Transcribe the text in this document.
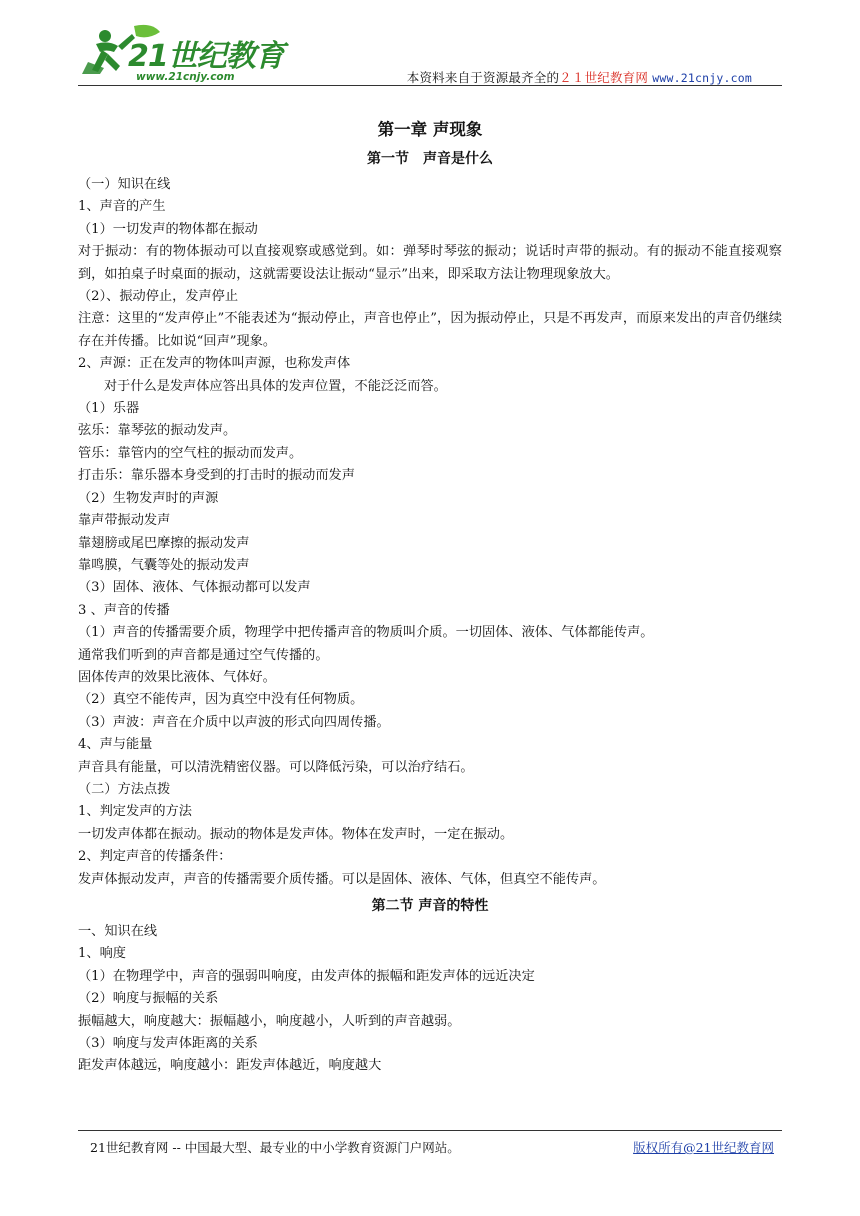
21世纪教育
www.21cnjy.com	本资料来自于资源最齐全的２１世纪教育网 www.21cnjy.com
第一章 声现象
第一节　声音是什么
（一）知识在线
1、声音的产生
（1）一切发声的物体都在振动
对于振动：有的物体振动可以直接观察或感觉到。如：弹琴时琴弦的振动；说话时声带的振动。有的振动不能直接观察到，如拍桌子时桌面的振动，这就需要设法让振动“显示”出来，即采取方法让物理现象放大。
（2）、振动停止，发声停止
注意：这里的“发声停止”不能表述为“振动停止，声音也停止”，因为振动停止，只是不再发声，而原来发出的声音仍继续存在并传播。比如说“回声”现象。
2、声源：正在发声的物体叫声源，也称发声体
对于什么是发声体应答出具体的发声位置，不能泛泛而答。
（1）乐器
弦乐：靠琴弦的振动发声。
管乐：靠管内的空气柱的振动而发声。
打击乐：靠乐器本身受到的打击时的振动而发声
（2）生物发声时的声源
靠声带振动发声
靠翅膀或尾巴摩擦的振动发声
靠鸣膜，气囊等处的振动发声
（3）固体、液体、气体振动都可以发声
3 、声音的传播
（1）声音的传播需要介质，物理学中把传播声音的物质叫介质。一切固体、液体、气体都能传声。
通常我们听到的声音都是通过空气传播的。
固体传声的效果比液体、气体好。
（2）真空不能传声，因为真空中没有任何物质。
（3）声波：声音在介质中以声波的形式向四周传播。
4、声与能量
声音具有能量，可以清洗精密仪器。可以降低污染，可以治疗结石。
（二）方法点拨
1、判定发声的方法
一切发声体都在振动。振动的物体是发声体。物体在发声时，一定在振动。
2、判定声音的传播条件：
发声体振动发声，声音的传播需要介质传播。可以是固体、液体、气体，但真空不能传声。
第二节 声音的特性
一、知识在线
1、响度
（1）在物理学中，声音的强弱叫响度，由发声体的振幅和距发声体的远近决定
（2）响度与振幅的关系
振幅越大，响度越大：振幅越小，响度越小，人听到的声音越弱。
（3）响度与发声体距离的关系
距发声体越远，响度越小：距发声体越近，响度越大
21世纪教育网 -- 中国最大型、最专业的中小学教育资源门户网站。	版权所有@21世纪教育网
